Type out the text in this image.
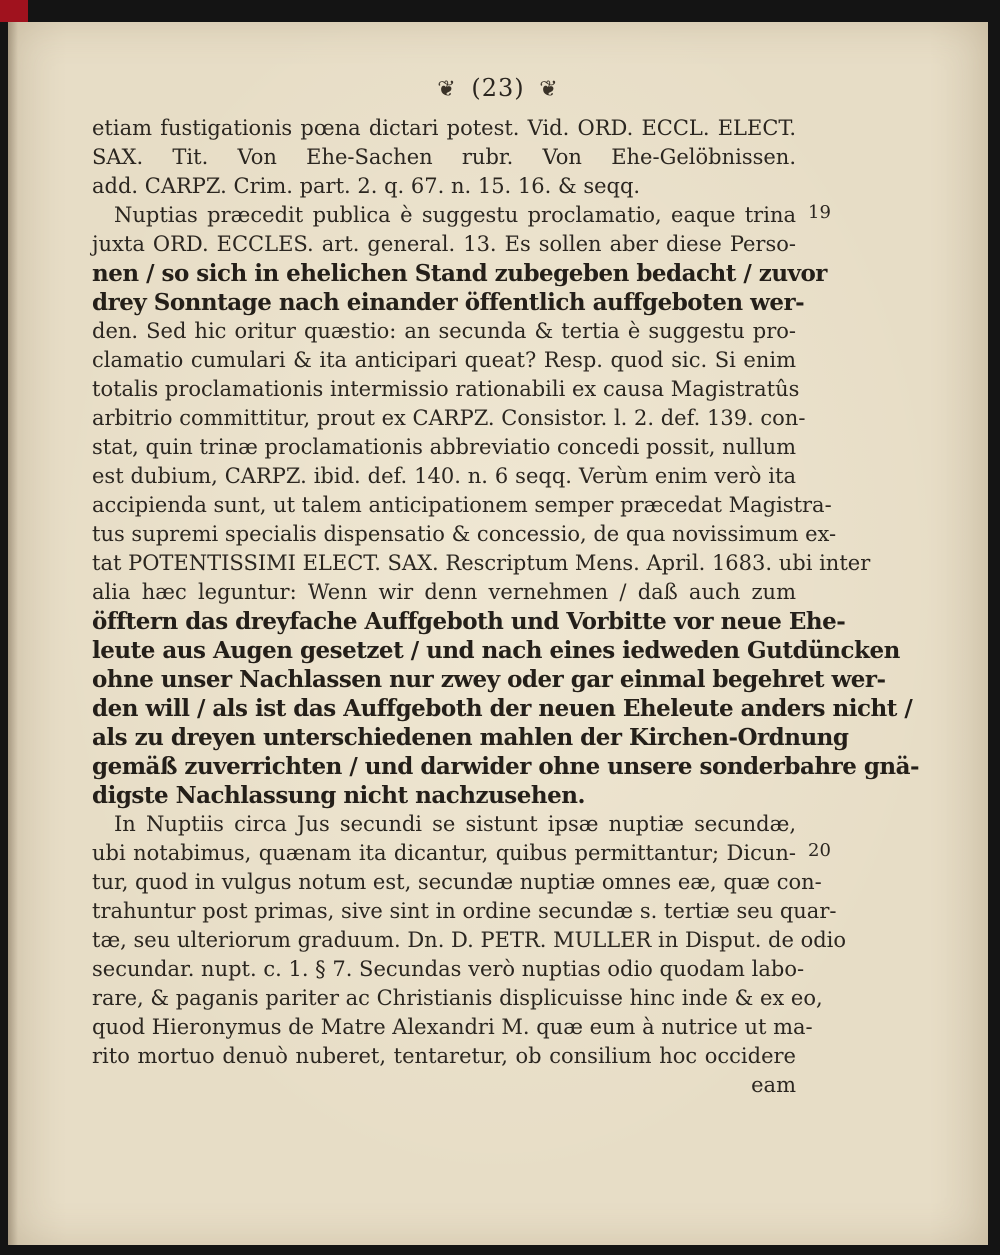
❦ (23) ❦
etiam fustigationis pœna dictari potest. Vid. ORD. ECCL. ELECT.
SAX. Tit. Von Ehe-Sachen rubr. Von Ehe-Gelöbnissen.
add. CARPZ. Crim. part. 2. q. 67. n. 15. 16. & seqq.
Nuptias præcedit publica è suggestu proclamatio, eaque trina
juxta ORD. ECCLES. art. general. 13. Es sollen aber diese Perso-
nen / so sich in ehelichen Stand zubegeben bedacht / zuvor
drey Sonntage nach einander öffentlich auffgeboten wer-
den. Sed hic oritur quæstio: an secunda & tertia è suggestu pro-
clamatio cumulari & ita anticipari queat? Resp. quod sic. Si enim
totalis proclamationis intermissio rationabili ex causa Magistratûs
arbitrio committitur, prout ex CARPZ. Consistor. l. 2. def. 139. con-
stat, quin trinæ proclamationis abbreviatio concedi possit, nullum
est dubium, CARPZ. ibid. def. 140. n. 6 seqq. Verùm enim verò ita
accipienda sunt, ut talem anticipationem semper præcedat Magistra-
tus supremi specialis dispensatio & concessio, de qua novissimum ex-
tat POTENTISSIMI ELECT. SAX. Rescriptum Mens. April. 1683. ubi inter
alia hæc leguntur: Wenn wir denn vernehmen / daß auch zum
öfftern das dreyfache Auffgeboth und Vorbitte vor neue Ehe-
leute aus Augen gesetzet / und nach eines iedweden Gutdüncken
ohne unser Nachlassen nur zwey oder gar einmal begehret wer-
den will / als ist das Auffgeboth der neuen Eheleute anders nicht /
als zu dreyen unterschiedenen mahlen der Kirchen-Ordnung
gemäß zuverrichten / und darwider ohne unsere sonderbahre gnä-
digste Nachlassung nicht nachzusehen.
In Nuptiis circa Jus secundi se sistunt ipsæ nuptiæ secundæ,
ubi notabimus, quænam ita dicantur, quibus permittantur; Dicun-
tur, quod in vulgus notum est, secundæ nuptiæ omnes eæ, quæ con-
trahuntur post primas, sive sint in ordine secundæ s. tertiæ seu quar-
tæ, seu ulteriorum graduum. Dn. D. PETR. MULLER in Disput. de odio
secundar. nupt. c. 1. § 7. Secundas verò nuptias odio quodam labo-
rare, & paganis pariter ac Christianis displicuisse hinc inde & ex eo,
quod Hieronymus de Matre Alexandri M. quæ eum à nutrice ut ma-
rito mortuo denuò nuberet, tentaretur, ob consilium hoc occidere
eam
19
20
